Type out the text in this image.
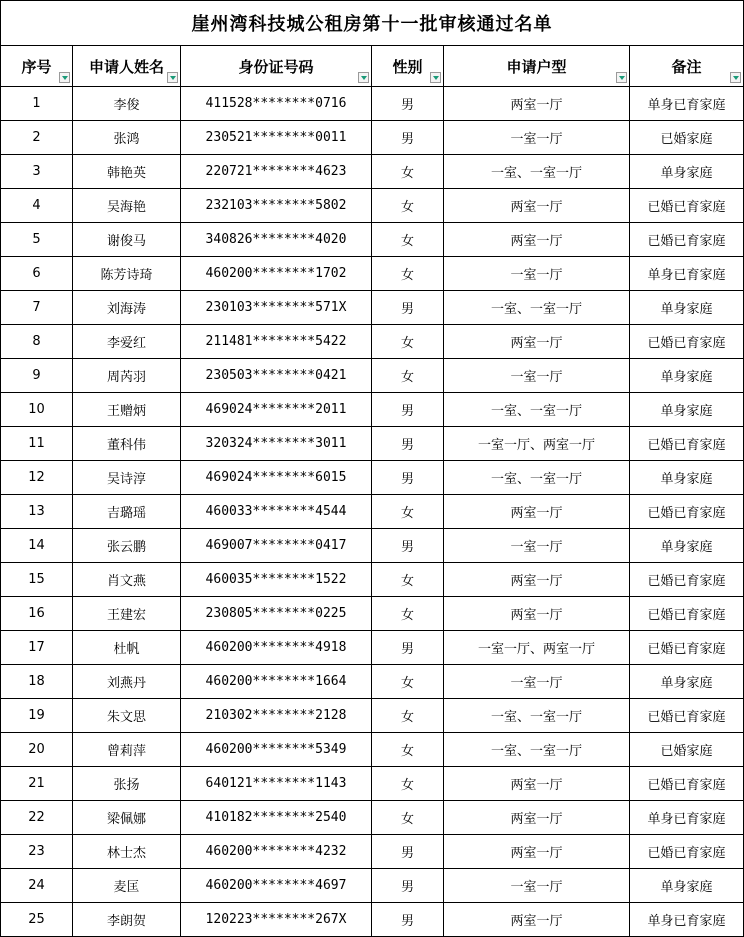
崖州湾科技城公租房第十一批审核通过名单					
序号	申请人姓名	身份证号码	性别	申请户型	备注

1	李俊	411528********0716	男	两室一厅	单身已育家庭
2	张鸿	230521********0011	男	一室一厅	已婚家庭
3	韩艳英	220721********4623	女	一室、一室一厅	单身家庭
4	吴海艳	232103********5802	女	两室一厅	已婚已育家庭
5	谢俊马	340826********4020	女	两室一厅	已婚已育家庭
6	陈芳诗琦	460200********1702	女	一室一厅	单身已育家庭
7	刘海涛	230103********571X	男	一室、一室一厅	单身家庭
8	李爱红	211481********5422	女	两室一厅	已婚已育家庭
9	周芮羽	230503********0421	女	一室一厅	单身家庭
10	王赠炳	469024********2011	男	一室、一室一厅	单身家庭
11	董科伟	320324********3011	男	一室一厅、两室一厅	已婚已育家庭
12	吴诗淳	469024********6015	男	一室、一室一厅	单身家庭
13	吉璐瑶	460033********4544	女	两室一厅	已婚已育家庭
14	张云鹏	469007********0417	男	一室一厅	单身家庭
15	肖文燕	460035********1522	女	两室一厅	已婚已育家庭
16	王建宏	230805********0225	女	两室一厅	已婚已育家庭
17	杜帆	460200********4918	男	一室一厅、两室一厅	已婚已育家庭
18	刘燕丹	460200********1664	女	一室一厅	单身家庭
19	朱文思	210302********2128	女	一室、一室一厅	已婚已育家庭
20	曾莉萍	460200********5349	女	一室、一室一厅	已婚家庭
21	张扬	640121********1143	女	两室一厅	已婚已育家庭
22	梁佩娜	410182********2540	女	两室一厅	单身已育家庭
23	林士杰	460200********4232	男	两室一厅	已婚已育家庭
24	麦匡	460200********4697	男	一室一厅	单身家庭
25	李朗贺	120223********267X	男	两室一厅	单身已育家庭
